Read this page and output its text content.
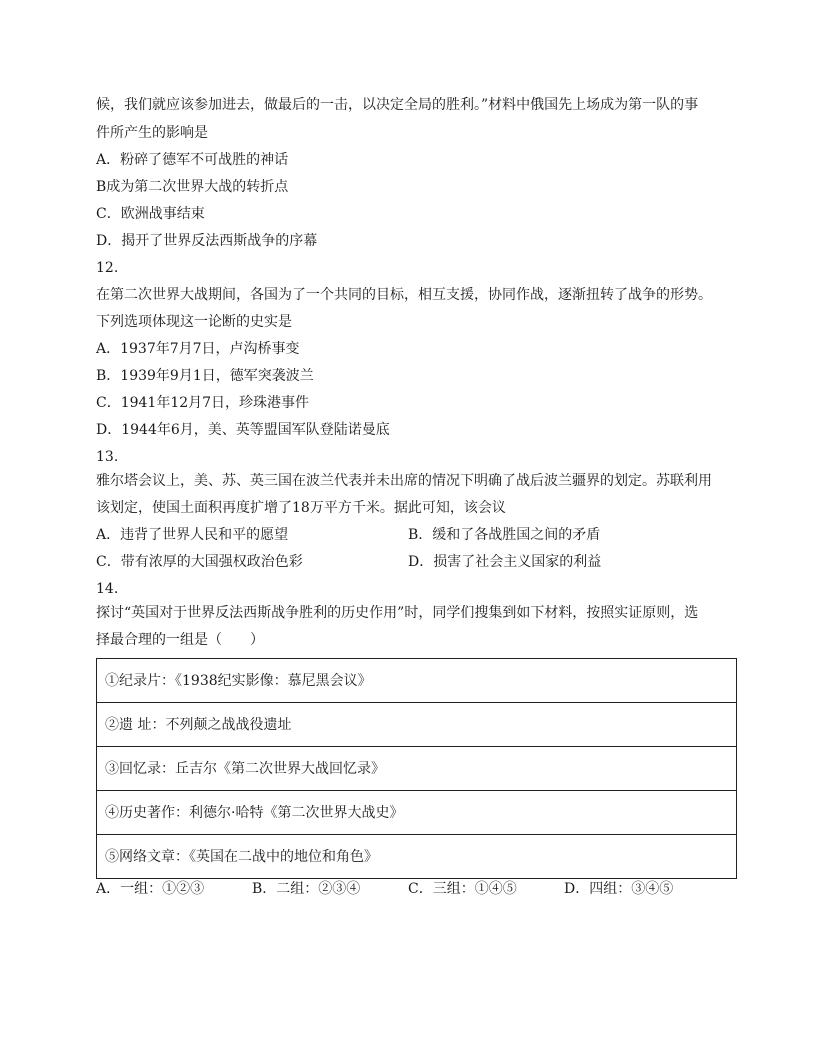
候，我们就应该参加进去，做最后的一击，以决定全局的胜利。”材料中俄国先上场成为第一队的事
件所产生的影响是
A．粉碎了德军不可战胜的神话
B成为第二次世界大战的转折点
C．欧洲战事结束
D．揭开了世界反法西斯战争的序幕
12.
在第二次世界大战期间，各国为了一个共同的目标，相互支援，协同作战，逐渐扭转了战争的形势。
下列选项体现这一论断的史实是
A．1937年7月7日，卢沟桥事变
B．1939年9月1日，德军突袭波兰
C．1941年12月7日，珍珠港事件
D．1944年6月，美、英等盟国军队登陆诺曼底
13.
雅尔塔会议上，美、苏、英三国在波兰代表并未出席的情况下明确了战后波兰疆界的划定。苏联利用
该划定，使国土面积再度扩增了18万平方千米。据此可知，该会议
A．违背了世界人民和平的愿望	B．缓和了各战胜国之间的矛盾
C．带有浓厚的大国强权政治色彩	D．损害了社会主义国家的利益
14.
探讨“英国对于世界反法西斯战争胜利的历史作用”时，同学们搜集到如下材料，按照实证原则，选
择最合理的一组是（　　）
①纪录片：《1938纪实影像：慕尼黑会议》
②遗 址：不列颠之战战役遗址
③回忆录：丘吉尔《第二次世界大战回忆录》
④历史著作：利德尔·哈特《第二次世界大战史》
⑤网络文章：《英国在二战中的地位和角色》
A．一组：①②③	B．二组：②③④	C．三组：①④⑤	D．四组：③④⑤
